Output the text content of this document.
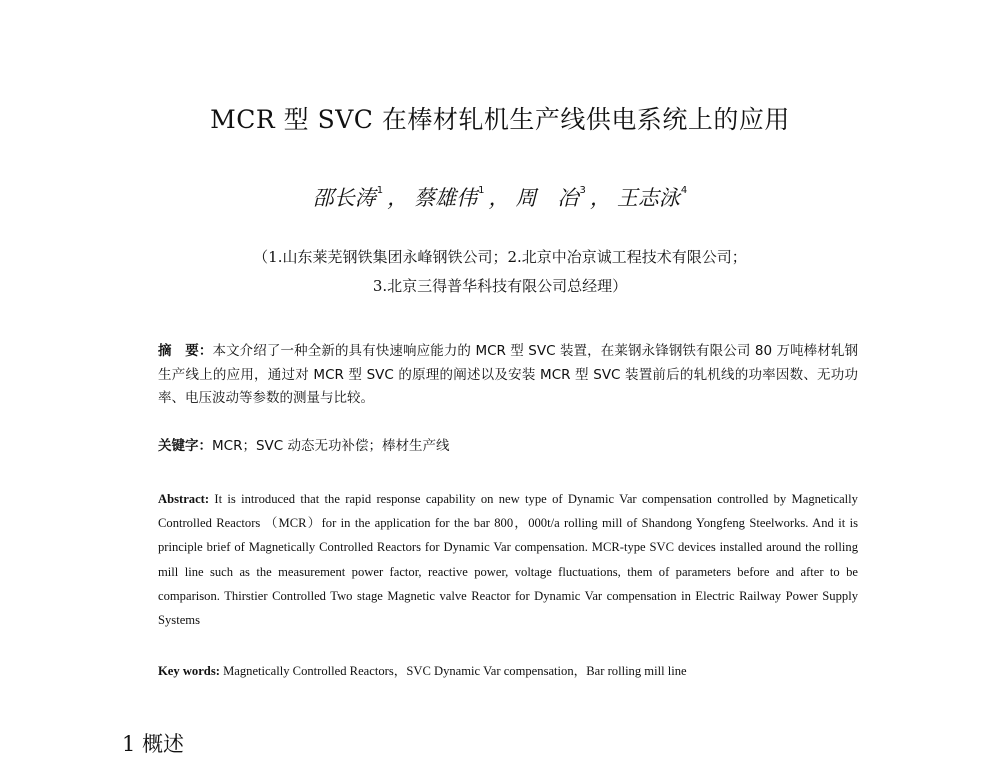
MCR 型 SVC 在棒材轧机生产线供电系统上的应用
邵长涛$^1$ ， 蔡雄伟$^1$ ， 周　冶$^3$ ， 王志泳$^4$
（1.山东莱芜钢铁集团永峰钢铁公司；2.北京中冶京诚工程技术有限公司；
3.北京三得普华科技有限公司总经理）
摘　要：本文介绍了一种全新的具有快速响应能力的 MCR 型 SVC 装置，在莱钢永锋钢铁有限公司 80 万吨棒材轧钢生产线上的应用，通过对 MCR 型 SVC 的原理的阐述以及安装 MCR 型 SVC 装置前后的轧机线的功率因数、无功功率、电压波动等参数的测量与比较。
关键字：MCR；SVC 动态无功补偿；棒材生产线
Abstract: It is introduced that the rapid response capability on new type of Dynamic Var compensation controlled by Magnetically Controlled Reactors （MCR）for in the application for the bar 800，000t/a rolling mill of Shandong Yongfeng Steelworks. And it is principle brief of Magnetically Controlled Reactors for Dynamic Var compensation. MCR-type SVC devices installed around the rolling mill line such as the measurement power factor, reactive power, voltage fluctuations, them of parameters before and after to be comparison. Thirstier Controlled Two stage Magnetic valve Reactor for Dynamic Var compensation in Electric Railway Power Supply Systems
Key words: Magnetically Controlled Reactors，SVC Dynamic Var compensation，Bar rolling mill line
1 概述
